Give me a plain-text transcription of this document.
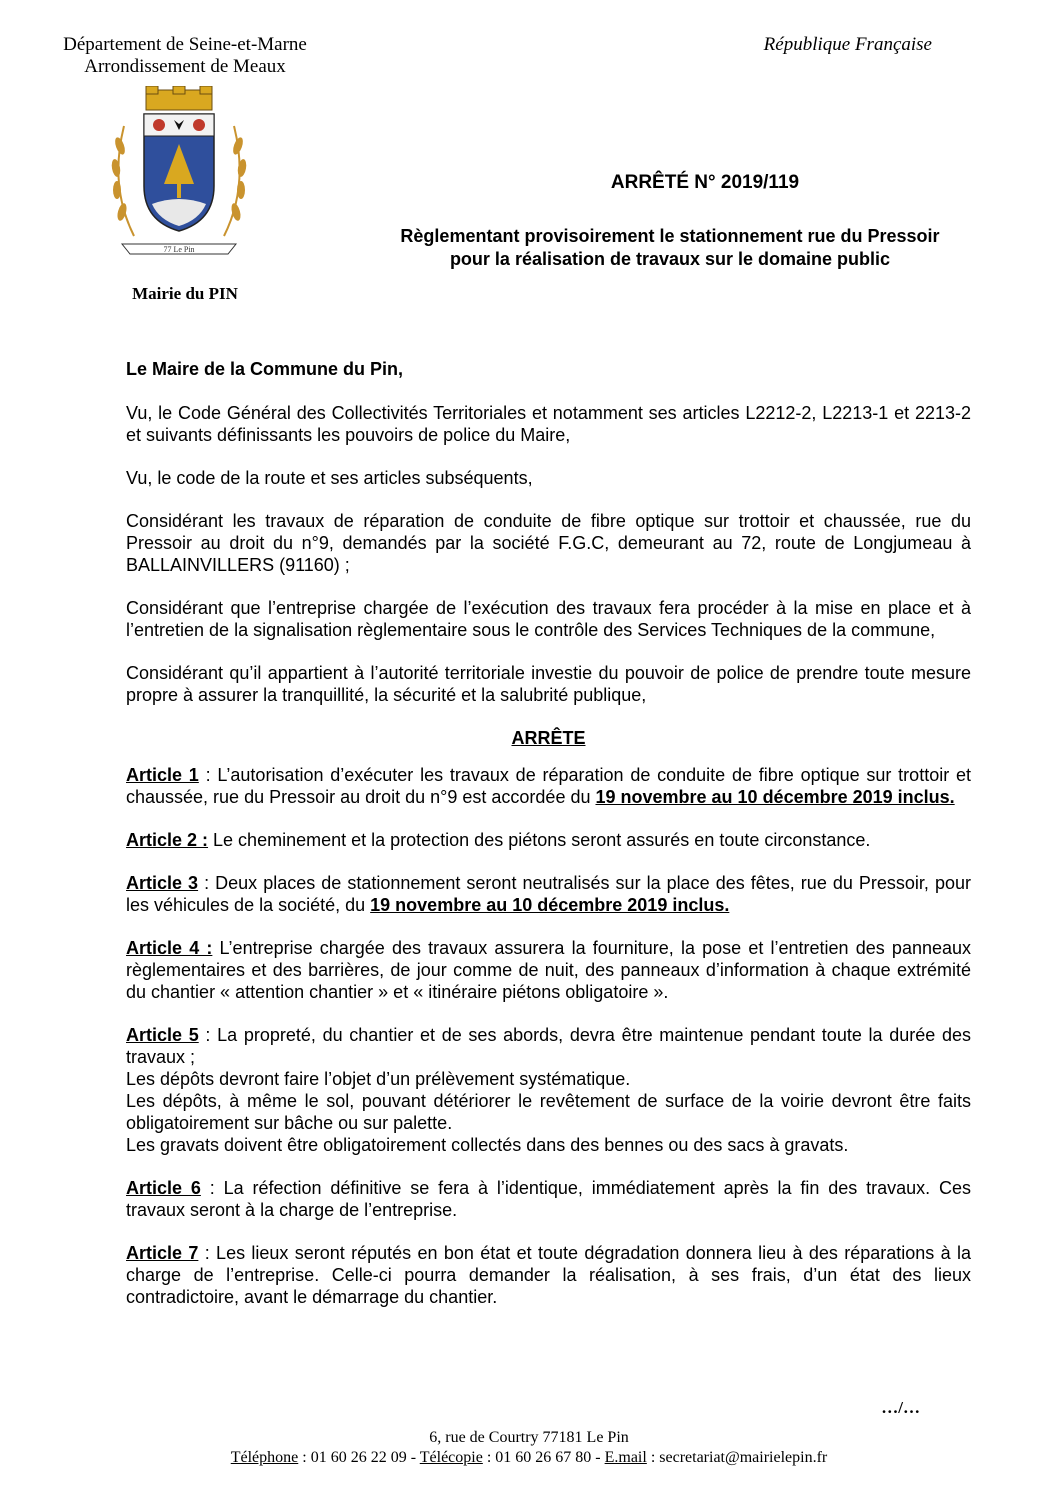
Département de Seine-et-Marne
Arrondissement de Meaux
République Française
77 Le Pin
Mairie du PIN
ARRÊTÉ N° 2019/119
Règlementant provisoirement le stationnement rue du Pressoir
pour la réalisation de travaux sur le domaine public

Le Maire de la Commune du Pin,

Vu, le Code Général des Collectivités Territoriales et notamment ses articles L2212-2, L2213-1 et 2213-2 et suivants définissants les pouvoirs de police du Maire,

Vu, le code de la route et ses articles subséquents,

Considérant les travaux de réparation de conduite de fibre optique sur trottoir et chaussée, rue du Pressoir au droit du n°9, demandés par la société F.G.C, demeurant au 72, route de Longjumeau à BALLAINVILLERS (91160) ;

Considérant que l’entreprise chargée de l’exécution des travaux fera procéder à la mise en place et à l’entretien de la signalisation règlementaire sous le contrôle des Services Techniques de la commune,

Considérant qu’il appartient à l’autorité territoriale investie du pouvoir de police de prendre toute mesure propre à assurer la tranquillité, la sécurité et la salubrité publique,

ARRÊTE

Article 1 : L’autorisation d’exécuter les travaux de réparation de conduite de fibre optique sur trottoir et chaussée, rue du Pressoir au droit du n°9 est accordée du 19 novembre au 10 décembre 2019 inclus.

Article 2 : Le cheminement et la protection des piétons seront assurés en toute circonstance.

Article 3 : Deux places de stationnement seront neutralisés sur la place des fêtes, rue du Pressoir, pour les véhicules de la société, du 19 novembre au 10 décembre 2019 inclus.

Article 4 : L’entreprise chargée des travaux assurera la fourniture, la pose et l’entretien des panneaux règlementaires et des barrières, de jour comme de nuit, des panneaux d’information à chaque extrémité du chantier « attention chantier » et « itinéraire piétons obligatoire ».

Article 5 : La propreté, du chantier et de ses abords, devra être maintenue pendant toute la durée des travaux ;

Les dépôts devront faire l’objet d’un prélèvement systématique.

Les dépôts, à même le sol, pouvant détériorer le revêtement de surface de la voirie devront être faits obligatoirement sur bâche ou sur palette.

Les gravats doivent être obligatoirement collectés dans des bennes ou des sacs à gravats.

Article 6 : La réfection définitive se fera à l’identique, immédiatement après la fin des travaux. Ces travaux seront à la charge de l’entreprise.

Article 7 : Les lieux seront réputés en bon état et toute dégradation donnera lieu à des réparations à la charge de l’entreprise. Celle-ci pourra demander la réalisation, à ses frais, d’un état des lieux contradictoire, avant le démarrage du chantier.

…/…
6, rue de Courtry 77181 Le Pin
Téléphone : 01 60 26 22 09 - Télécopie : 01 60 26 67 80 - E.mail : secretariat@mairielepin.fr
